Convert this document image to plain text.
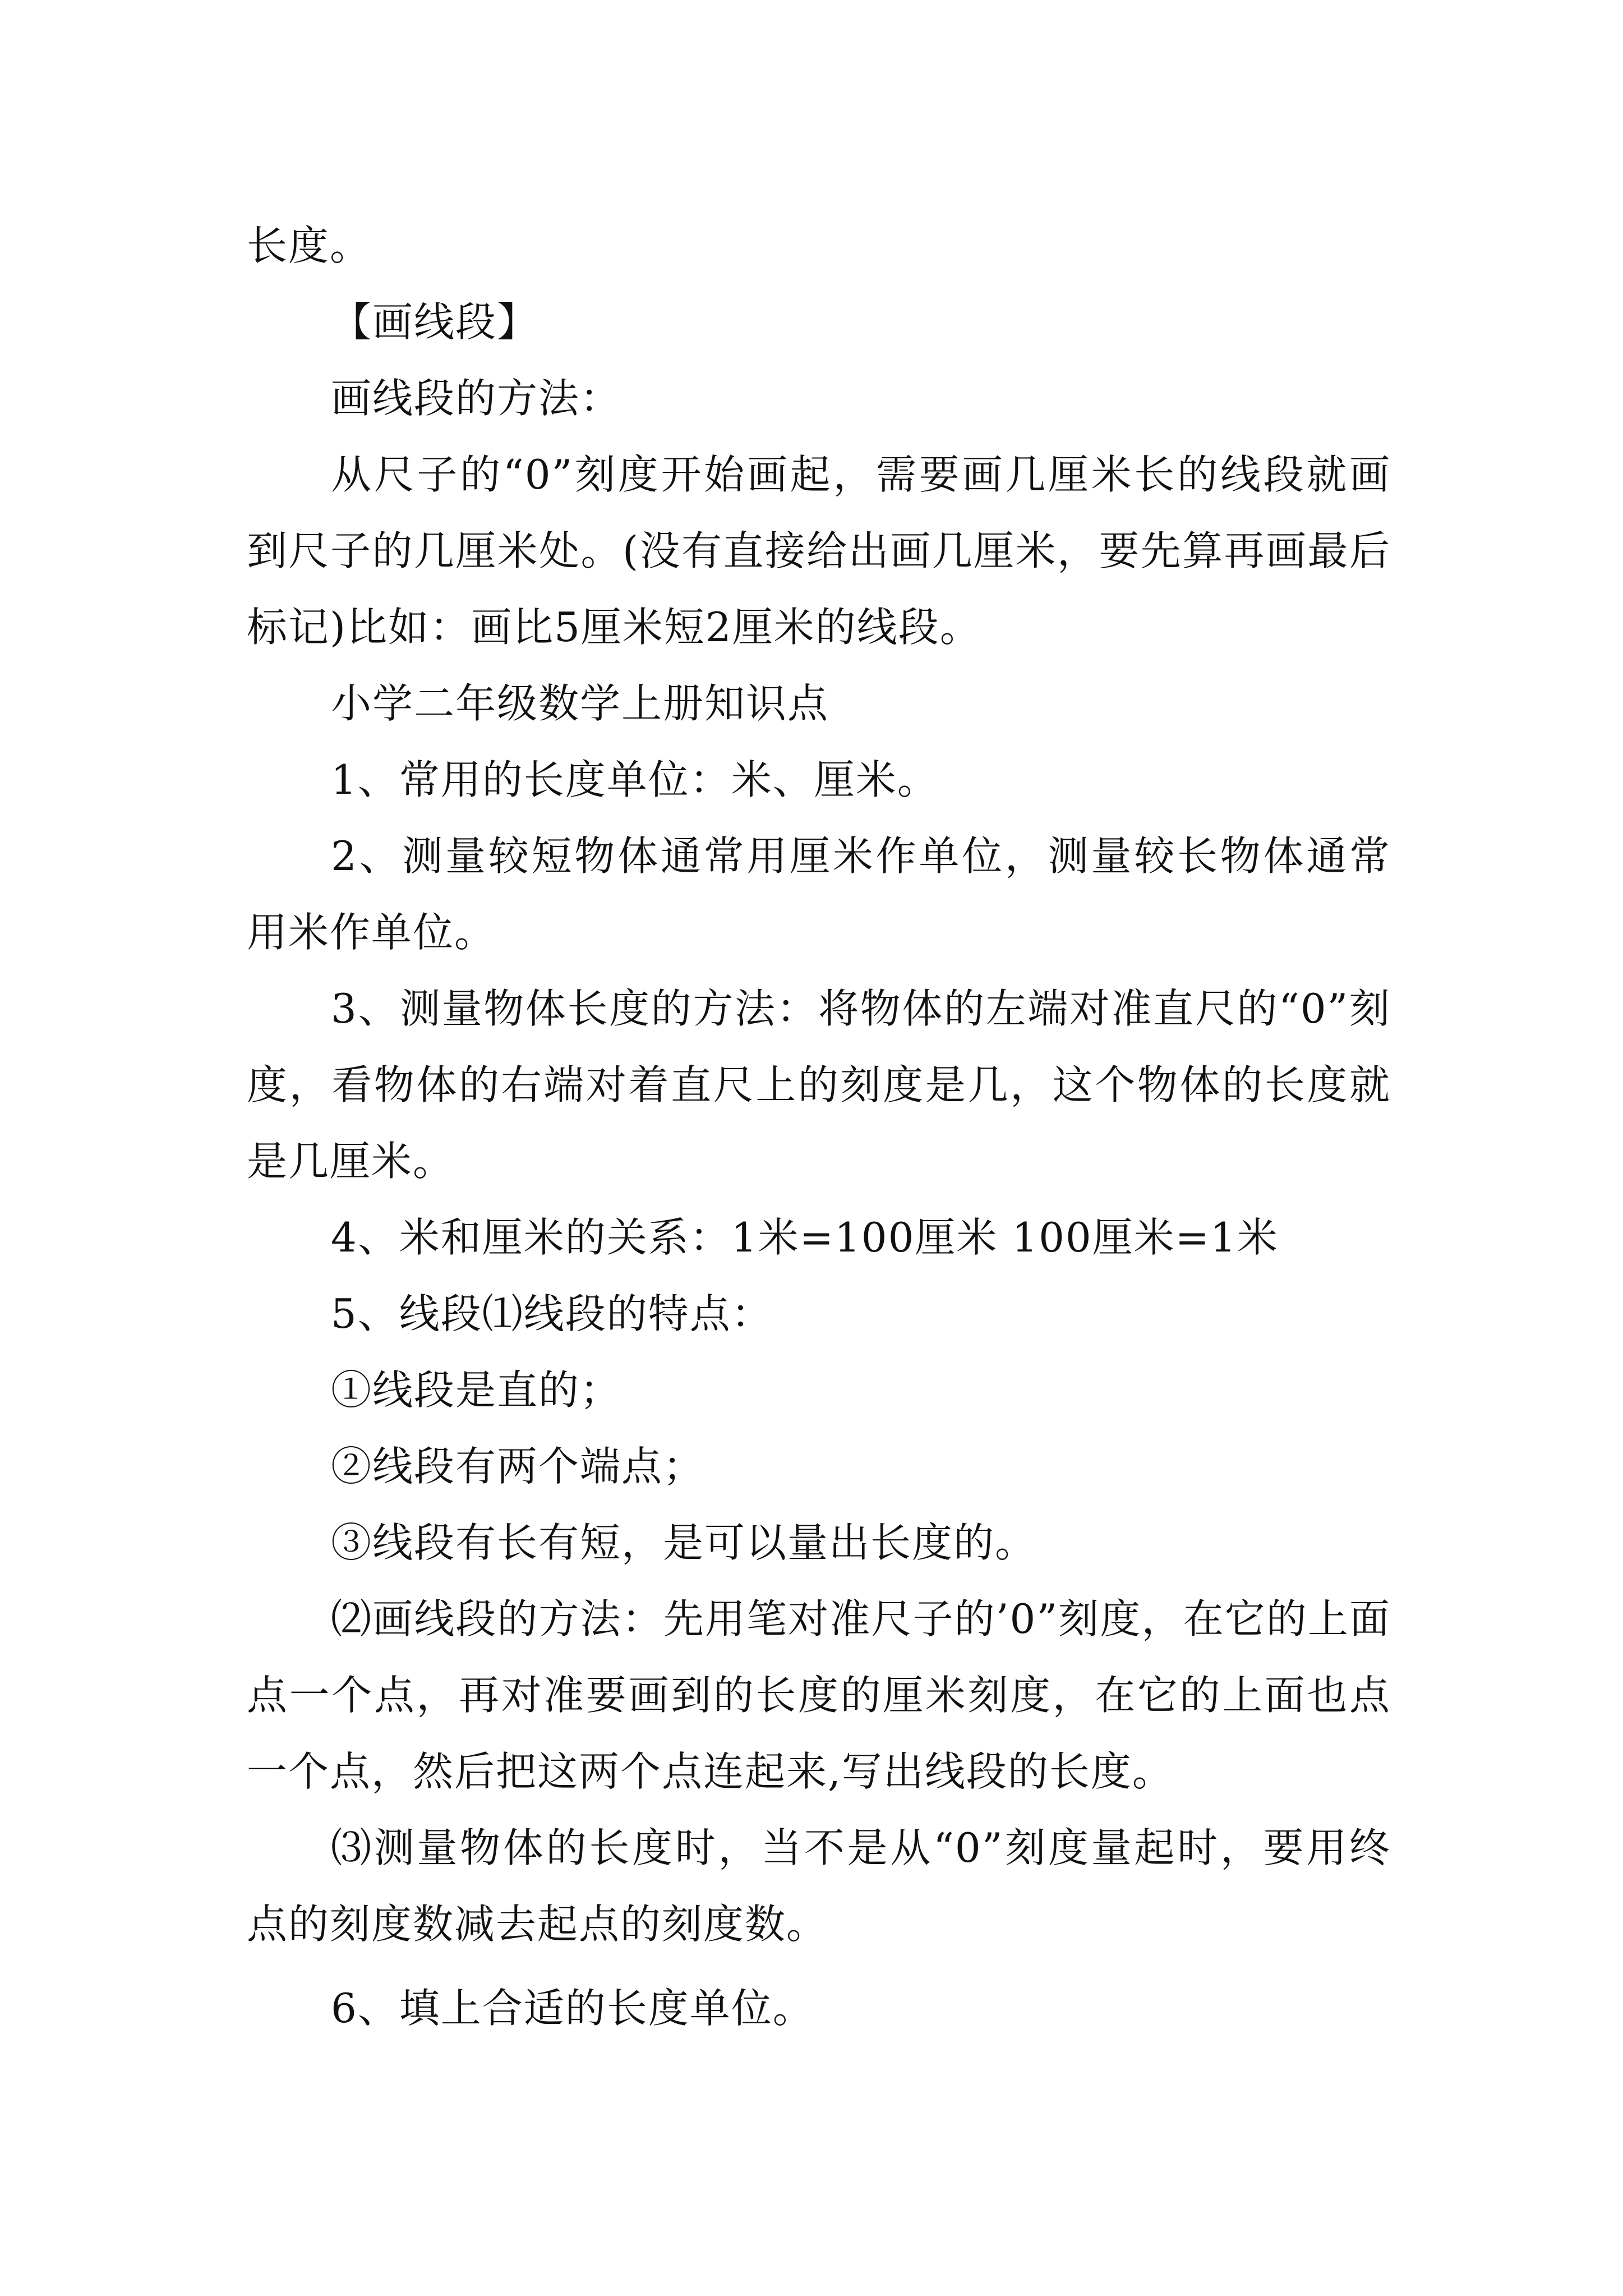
长度。

【画线段】

画线段的方法：

从尺子的“0”刻度开始画起，需要画几厘米长的线段就画到尺子的几厘米处。(没有直接给出画几厘米，要先算再画最后标记)比如：画比5厘米短2厘米的线段。

小学二年级数学上册知识点

1、常用的长度单位：米、厘米。

2、测量较短物体通常用厘米作单位，测量较长物体通常用米作单位。

3、测量物体长度的方法：将物体的左端对准直尺的“0”刻度，看物体的右端对着直尺上的刻度是几，这个物体的长度就是几厘米。

4、米和厘米的关系：1米=100厘米 100厘米=1米

5、线段⑴线段的特点：

①线段是直的；

②线段有两个端点；

③线段有长有短，是可以量出长度的。

⑵画线段的方法：先用笔对准尺子的’0”刻度，在它的上面点一个点，再对准要画到的长度的厘米刻度，在它的上面也点一个点，然后把这两个点连起来,写出线段的长度。

⑶测量物体的长度时，当不是从“0”刻度量起时，要用终点的刻度数减去起点的刻度数。

6、填上合适的长度单位。
